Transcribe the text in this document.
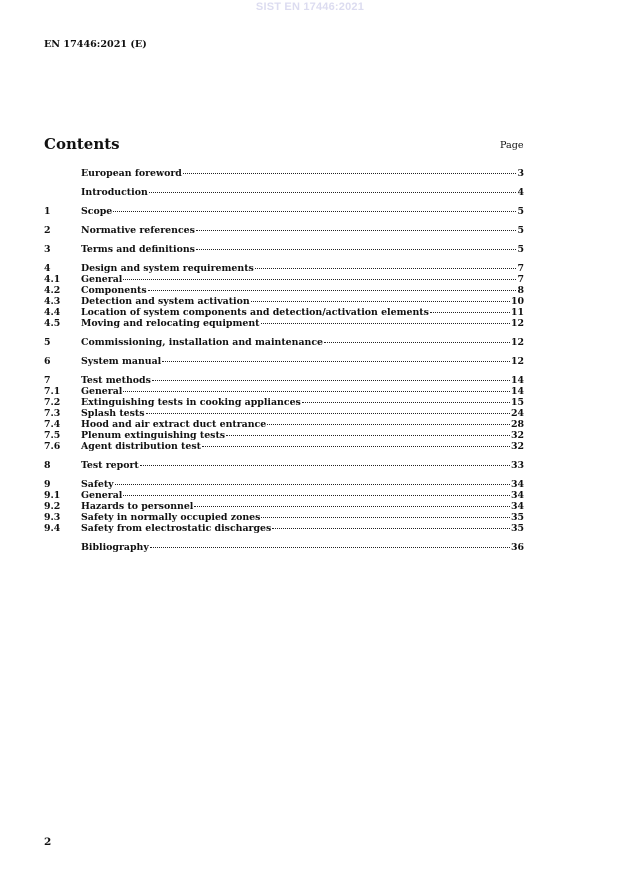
SIST EN 17446:2021
EN 17446:2021 (E)
Contents	Page
European foreword	3
Introduction	4
1	Scope	5
2	Normative references	5
3	Terms and definitions	5
4	Design and system requirements	7
4.1	General	7
4.2	Components	8
4.3	Detection and system activation	10
4.4	Location of system components and detection/activation elements	11
4.5	Moving and relocating equipment	12
5	Commissioning, installation and maintenance	12
6	System manual	12
7	Test methods	14
7.1	General	14
7.2	Extinguishing tests in cooking appliances	15
7.3	Splash tests	24
7.4	Hood and air extract duct entrance	28
7.5	Plenum extinguishing tests	32
7.6	Agent distribution test	32
8	Test report	33
9	Safety	34
9.1	General	34
9.2	Hazards to personnel	34
9.3	Safety in normally occupied zones	35
9.4	Safety from electrostatic discharges	35
Bibliography	36
2
